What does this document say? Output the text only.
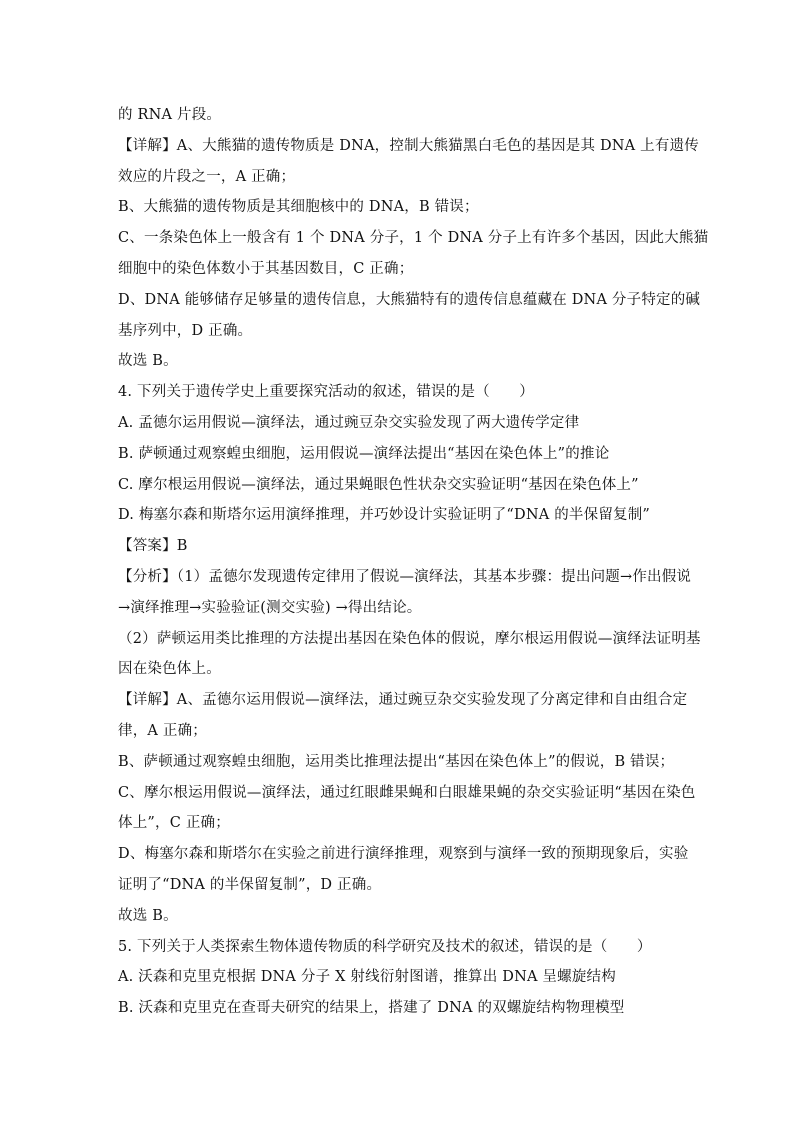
的 RNA 片段。
【详解】A、大熊猫的遗传物质是 DNA，控制大熊猫黑白毛色的基因是其 DNA 上有遗传
效应的片段之一，A 正确；
B、大熊猫的遗传物质是其细胞核中的 DNA，B 错误；
C、一条染色体上一般含有 1 个 DNA 分子，1 个 DNA 分子上有许多个基因，因此大熊猫
细胞中的染色体数小于其基因数目，C 正确；
D、DNA 能够储存足够量的遗传信息，大熊猫特有的遗传信息蕴藏在 DNA 分子特定的碱
基序列中，D 正确。
故选 B。
4. 下列关于遗传学史上重要探究活动的叙述，错误的是（　　）
A. 孟德尔运用假说—演绎法，通过豌豆杂交实验发现了两大遗传学定律
B. 萨顿通过观察蝗虫细胞，运用假说—演绎法提出“基因在染色体上”的推论
C. 摩尔根运用假说—演绎法，通过果蝇眼色性状杂交实验证明“基因在染色体上”
D. 梅塞尔森和斯塔尔运用演绎推理，并巧妙设计实验证明了“DNA 的半保留复制”
【答案】B
【分析】（1）孟德尔发现遗传定律用了假说—演绎法，其基本步骤：提出问题→作出假说
→演绎推理→实验验证(测交实验) →得出结论。
（2）萨顿运用类比推理的方法提出基因在染色体的假说，摩尔根运用假说—演绎法证明基
因在染色体上。
【详解】A、孟德尔运用假说—演绎法，通过豌豆杂交实验发现了分离定律和自由组合定
律，A 正确；
B、萨顿通过观察蝗虫细胞，运用类比推理法提出“基因在染色体上”的假说，B 错误；
C、摩尔根运用假说—演绎法，通过红眼雌果蝇和白眼雄果蝇的杂交实验证明“基因在染色
体上”，C 正确；
D、梅塞尔森和斯塔尔在实验之前进行演绎推理，观察到与演绎一致的预期现象后，实验
证明了“DNA 的半保留复制”，D 正确。
故选 B。
5. 下列关于人类探索生物体遗传物质的科学研究及技术的叙述，错误的是（　　）
A. 沃森和克里克根据 DNA 分子 X 射线衍射图谱，推算出 DNA 呈螺旋结构
B. 沃森和克里克在查哥夫研究的结果上，搭建了 DNA 的双螺旋结构物理模型
